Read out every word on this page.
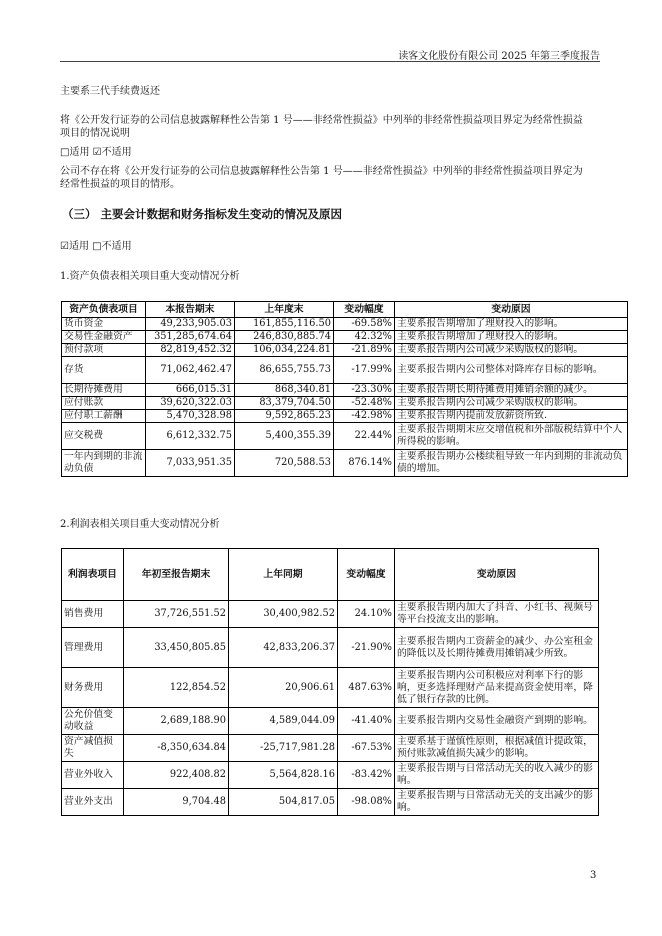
读客文化股份有限公司 2025 年第三季度报告
主要系三代手续费返还
将《公开发行证券的公司信息披露解释性公告第 1 号——非经常性损益》中列举的非经常性损益项目界定为经常性损益
项目的情况说明
□适用 ☑不适用
公司不存在将《公开发行证券的公司信息披露解释性公告第 1 号——非经常性损益》中列举的非经常性损益项目界定为
经常性损益的项目的情形。
（三） 主要会计数据和财务指标发生变动的情况及原因
☑适用 □不适用
1.资产负债表相关项目重大变动情况分析
资产负债表项目	本报告期末	上年度末	变动幅度	变动原因
货币资金	49,233,905.03	161,855,116.50	-69.58%	主要系报告期增加了理财投入的影响。
交易性金融资产	351,285,674.64	246,830,885.74	42.32%	主要系报告期增加了理财投入的影响。
预付款项	82,819,452.32	106,034,224.81	-21.89%	主要系报告期内公司减少采购版权的影响。
存货	71,062,462.47	86,655,755.73	-17.99%	主要系报告期内公司整体对降库存目标的影响。
长期待摊费用	666,015.31	868,340.81	-23.30%	主要系报告期长期待摊费用摊销余额的减少。
应付账款	39,620,322.03	83,379,704.50	-52.48%	主要系报告期内公司减少采购版权的影响。
应付职工薪酬	5,470,328.98	9,592,865.23	-42.98%	主要系报告期内提前发放薪资所致.
应交税费	6,612,332.75	5,400,355.39	22.44%	主要系报告期期末应交增值税和外部版税结算中个人所得税的影响。
一年内到期的非流动负债	7,033,951.35	720,588.53	876.14%	主要系报告期办公楼续租导致一年内到期的非流动负债的增加。
2.利润表相关项目重大变动情况分析
利润表项目	年初至报告期末	上年同期	变动幅度	变动原因
销售费用	37,726,551.52	30,400,982.52	24.10%	主要系报告期内加大了抖音、小红书、视频号等平台投流支出的影响。
管理费用	33,450,805.85	42,833,206.37	-21.90%	主要系报告期内工资薪金的减少、办公室租金的降低以及长期待摊费用摊销减少所致。
财务费用	122,854.52	20,906.61	487.63%	主要系报告期内公司积极应对利率下行的影响，更多选择理财产品来提高资金使用率，降低了银行存款的比例。
公允价值变动收益	2,689,188.90	4,589,044.09	-41.40%	主要系报告期内交易性金融资产到期的影响。
资产减值损失	-8,350,634.84	-25,717,981.28	-67.53%	主要系基于谨慎性原则，根据减值计提政策，预付账款减值损失减少的影响。
营业外收入	922,408.82	5,564,828.16	-83.42%	主要系报告期与日常活动无关的收入减少的影响。
营业外支出	9,704.48	504,817.05	-98.08%	主要系报告期与日常活动无关的支出减少的影响。
3
